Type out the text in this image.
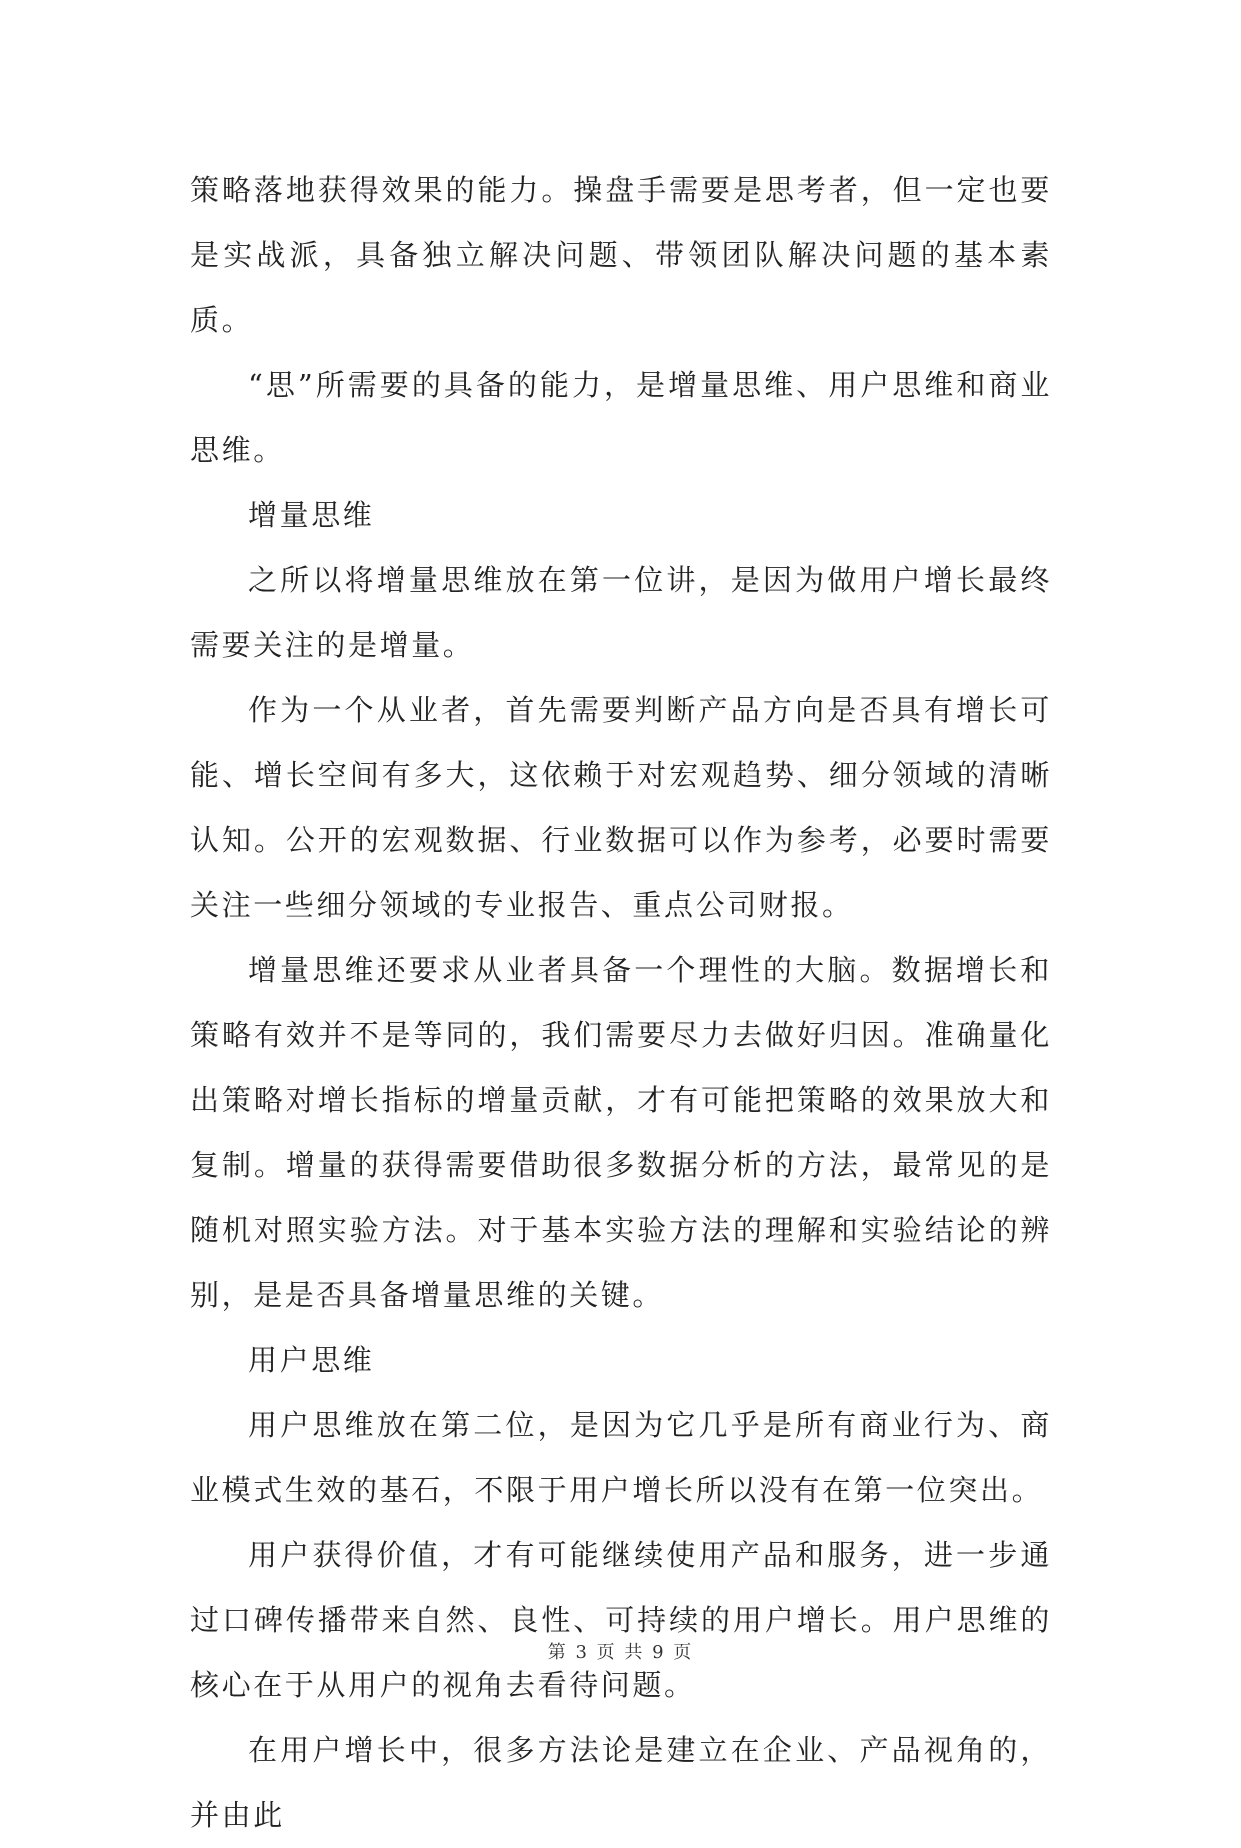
策略落地获得效果的能力。操盘手需要是思考者，但一定也要是实战派，具备独立解决问题、带领团队解决问题的基本素质。

“思”所需要的具备的能力，是增量思维、用户思维和商业思维。

增量思维

之所以将增量思维放在第一位讲，是因为做用户增长最终需要关注的是增量。

作为一个从业者，首先需要判断产品方向是否具有增长可能、增长空间有多大，这依赖于对宏观趋势、细分领域的清晰认知。公开的宏观数据、行业数据可以作为参考，必要时需要关注一些细分领域的专业报告、重点公司财报。

增量思维还要求从业者具备一个理性的大脑。数据增长和策略有效并不是等同的，我们需要尽力去做好归因。准确量化出策略对增长指标的增量贡献，才有可能把策略的效果放大和复制。增量的获得需要借助很多数据分析的方法，最常见的是随机对照实验方法。对于基本实验方法的理解和实验结论的辨别，是是否具备增量思维的关键。

用户思维

用户思维放在第二位，是因为它几乎是所有商业行为、商业模式生效的基石，不限于用户增长所以没有在第一位突出。

用户获得价值，才有可能继续使用产品和服务，进一步通过口碑传播带来自然、良性、可持续的用户增长。用户思维的核心在于从用户的视角去看待问题。

在用户增长中，很多方法论是建立在企业、产品视角的，并由此

第 3 页 共 9 页
